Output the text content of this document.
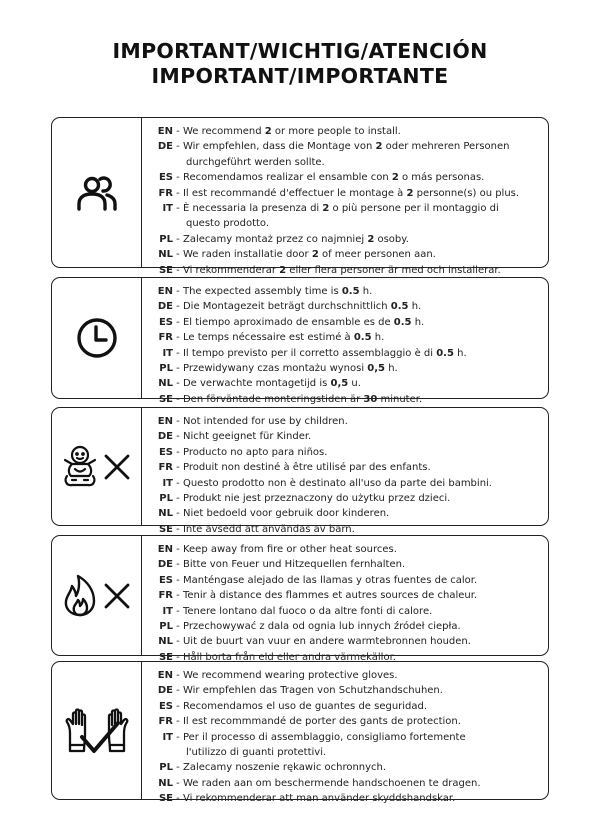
IMPORTANT/WICHTIG/ATENCIÓN
IMPORTANT/IMPORTANTE
EN - We recommend 2 or more people to install.
DE - Wir empfehlen, dass die Montage von 2 oder mehreren Personen
durchgeführt werden sollte.
ES - Recomendamos realizar el ensamble con 2 o más personas.
FR - Il est recommandé d'effectuer le montage à 2 personne(s) ou plus.
IT - È necessaria la presenza di 2 o più persone per il montaggio di
questo prodotto.
PL - Zalecamy montaż przez co najmniej 2 osoby.
NL - We raden installatie door 2 of meer personen aan.
SE - Vi rekommenderar 2 eller flera personer är med och installerar.
EN - The expected assembly time is 0.5 h.
DE - Die Montagezeit beträgt durchschnittlich 0.5 h.
ES - El tiempo aproximado de ensamble es de 0.5 h.
FR - Le temps nécessaire est estimé à 0.5 h.
IT - Il tempo previsto per il corretto assemblaggio è di 0.5 h.
PL - Przewidywany czas montażu wynosi 0,5 h.
NL - De verwachte montagetijd is 0,5 u.
SE - Den förväntade monteringstiden är 30 minuter.
EN - Not intended for use by children.
DE - Nicht geeignet für Kinder.
ES - Producto no apto para niños.
FR - Produit non destiné à être utilisé par des enfants.
IT - Questo prodotto non è destinato all'uso da parte dei bambini.
PL - Produkt nie jest przeznaczony do użytku przez dzieci.
NL - Niet bedoeld voor gebruik door kinderen.
SE - Inte avsedd att användas av barn.
EN - Keep away from fire or other heat sources.
DE - Bitte von Feuer und Hitzequellen fernhalten.
ES - Manténgase alejado de las llamas y otras fuentes de calor.
FR - Tenir à distance des flammes et autres sources de chaleur.
IT - Tenere lontano dal fuoco o da altre fonti di calore.
PL - Przechowywać z dala od ognia lub innych źródeł ciepła.
NL - Uit de buurt van vuur en andere warmtebronnen houden.
SE - Håll borta från eld eller andra värmekällor.
EN - We recommend wearing protective gloves.
DE - Wir empfehlen das Tragen von Schutzhandschuhen.
ES - Recomendamos el uso de guantes de seguridad.
FR - Il est recommmandé de porter des gants de protection.
IT - Per il processo di assemblaggio, consigliamo fortemente
l'utilizzo di guanti protettivi.
PL - Zalecamy noszenie rękawic ochronnych.
NL - We raden aan om beschermende handschoenen te dragen.
SE - Vi rekommenderar att man använder skyddshandskar.
